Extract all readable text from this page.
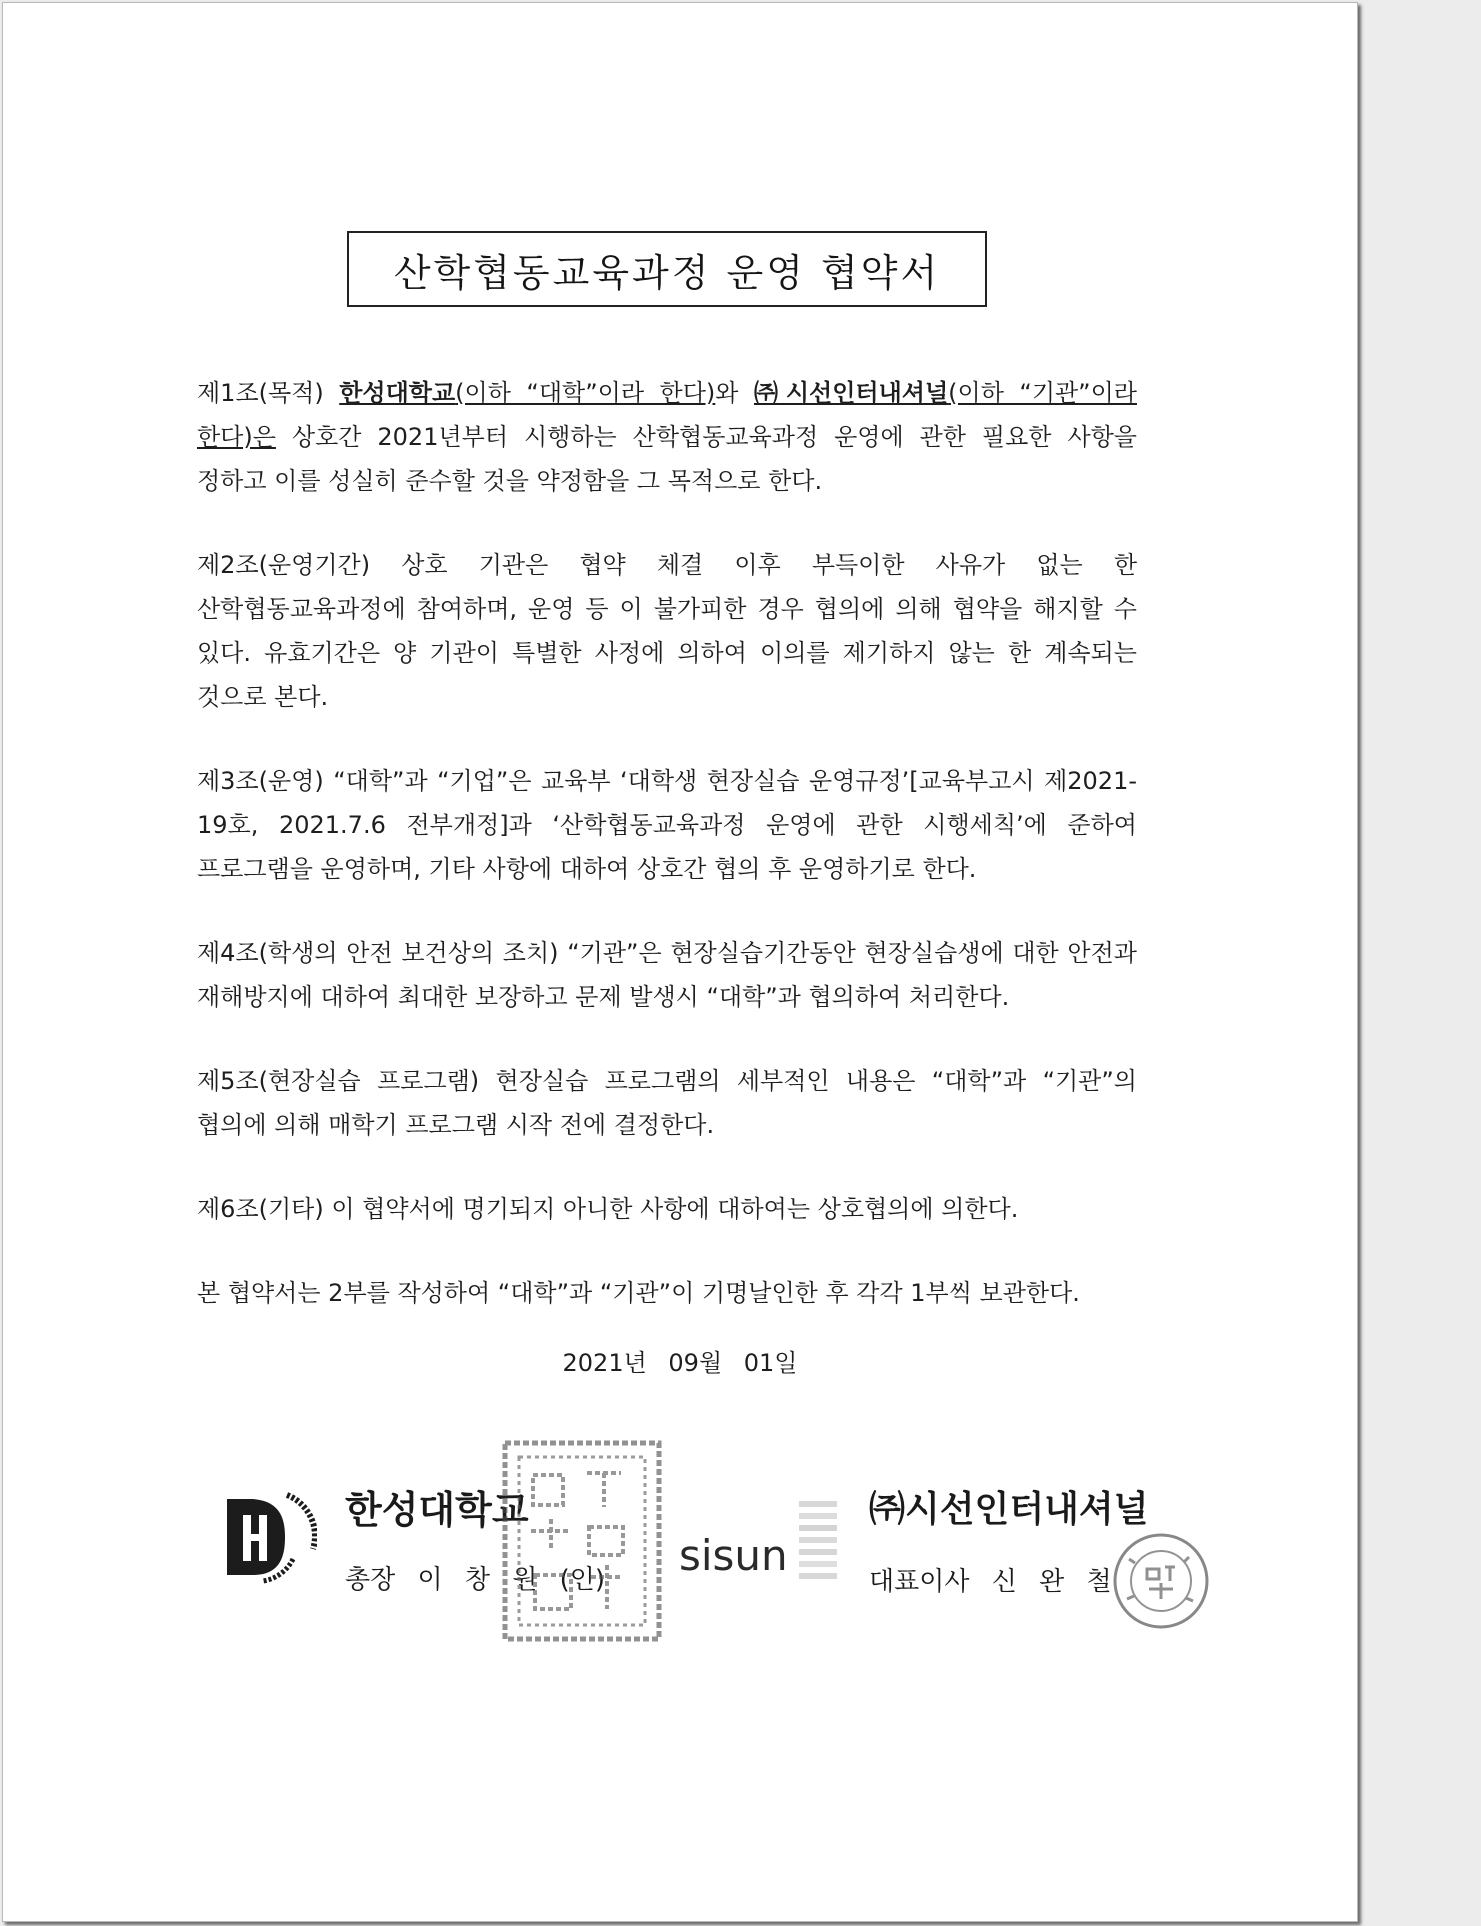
산학협동교육과정 운영 협약서

제1조(목적) 한성대학교(이하 “대학”이라 한다)와 ㈜시선인터내셔널(이하 “기관”이라 한다)은 상호간 2021년부터 시행하는 산학협동교육과정 운영에 관한 필요한 사항을 정하고 이를 성실히 준수할 것을 약정함을 그 목적으로 한다.

제2조(운영기간) 상호 기관은 협약 체결 이후 부득이한 사유가 없는 한 산학협동교육과정에 참여하며, 운영 등 이 불가피한 경우 협의에 의해 협약을 해지할 수 있다. 유효기간은 양 기관이 특별한 사정에 의하여 이의를 제기하지 않는 한 계속되는 것으로 본다.

제3조(운영) “대학”과 “기업”은 교육부 ‘대학생 현장실습 운영규정’[교육부고시 제2021-19호, 2021.7.6 전부개정]과 ‘산학협동교육과정 운영에 관한 시행세칙’에 준하여 프로그램을 운영하며, 기타 사항에 대하여 상호간 협의 후 운영하기로 한다.

제4조(학생의 안전 보건상의 조치) “기관”은 현장실습기간동안 현장실습생에 대한 안전과 재해방지에 대하여 최대한 보장하고 문제 발생시 “대학”과 협의하여 처리한다.

제5조(현장실습 프로그램) 현장실습 프로그램의 세부적인 내용은 “대학”과 “기관”의 협의에 의해 매학기 프로그램 시작 전에 결정한다.

제6조(기타) 이 협약서에 명기되지 아니한 사항에 대하여는 상호협의에 의한다.

본 협약서는 2부를 작성하여 “대학”과 “기관”이 기명날인한 후 각각 1부씩 보관한다.

2021년 09월 01일
한성대학교
총장 이 창 원 (인) sisun
㈜시선인터내셔널
대표이사 신 완 철
